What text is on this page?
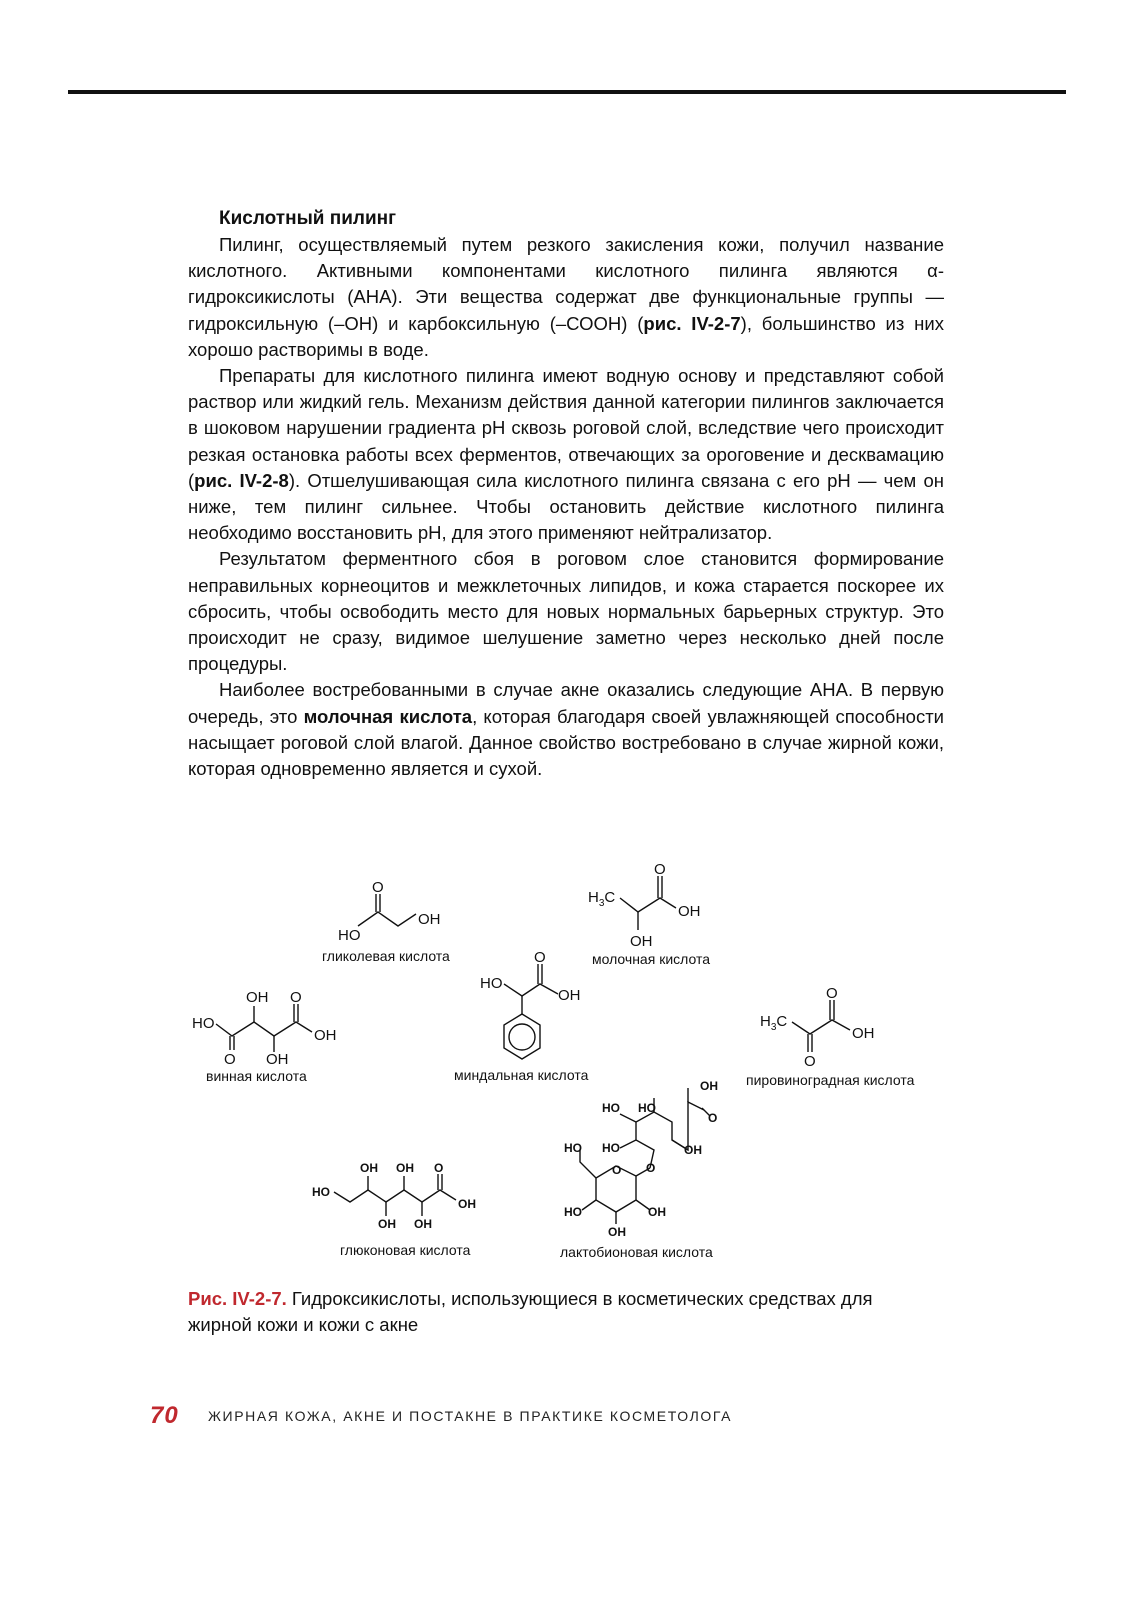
Кислотный пилинг

Пилинг, осуществляемый путем резкого закисления кожи, получил название кислотного. Активными компонентами кислотного пилинга являются α-гидроксикислоты (АНА). Эти вещества содержат две функциональные группы — гидроксильную (–ОН) и карбоксильную (–СООН) (рис. IV-2-7), большинство из них хорошо растворимы в воде.

Препараты для кислотного пилинга имеют водную основу и представляют собой раствор или жидкий гель. Механизм действия данной категории пилингов заключается в шоковом нарушении градиента pH сквозь роговой слой, вследствие чего происходит резкая остановка работы всех ферментов, отвечающих за ороговение и десквамацию (рис. IV-2-8). Отшелушивающая сила кислотного пилинга связана с его pH — чем он ниже, тем пилинг сильнее. Чтобы остановить действие кислотного пилинга необходимо восстановить pH, для этого применяют нейтрализатор.

Результатом ферментного сбоя в роговом слое становится формирование неправильных корнеоцитов и межклеточных липидов, и кожа старается поскорее их сбросить, чтобы освободить место для новых нормальных барьерных структур. Это происходит не сразу, видимое шелушение заметно через несколько дней после процедуры.

Наиболее востребованными в случае акне оказались следующие АНА. В первую очередь, это молочная кислота, которая благодаря своей увлажняющей способности насыщает роговой слой влагой. Данное свойство востребовано в случае жирной кожи, которая одновременно является и сухой.

O
HO
OH
O
$H_3C$
OH
OH
HO
OH O
OH
O OH
HO
O
OH
$H_3C$
O
OH
O
HO
OH OH O
OH
OH OH
OH
HO HO
O
HO HO	OH
O O
HO	OH
OH
гликолевая кислота	молочная кислота
винная кислота	миндальная кислота	пировиноградная кислота
глюконовая кислота	лактобионовая кислота
Рис. IV-2-7. Гидроксикислоты, использующиеся в косметических средствах для жирной кожи и кожи с акне
70 ЖИРНАЯ КОЖА, АКНЕ И ПОСТАКНЕ В ПРАКТИКЕ КОСМЕТОЛОГА
